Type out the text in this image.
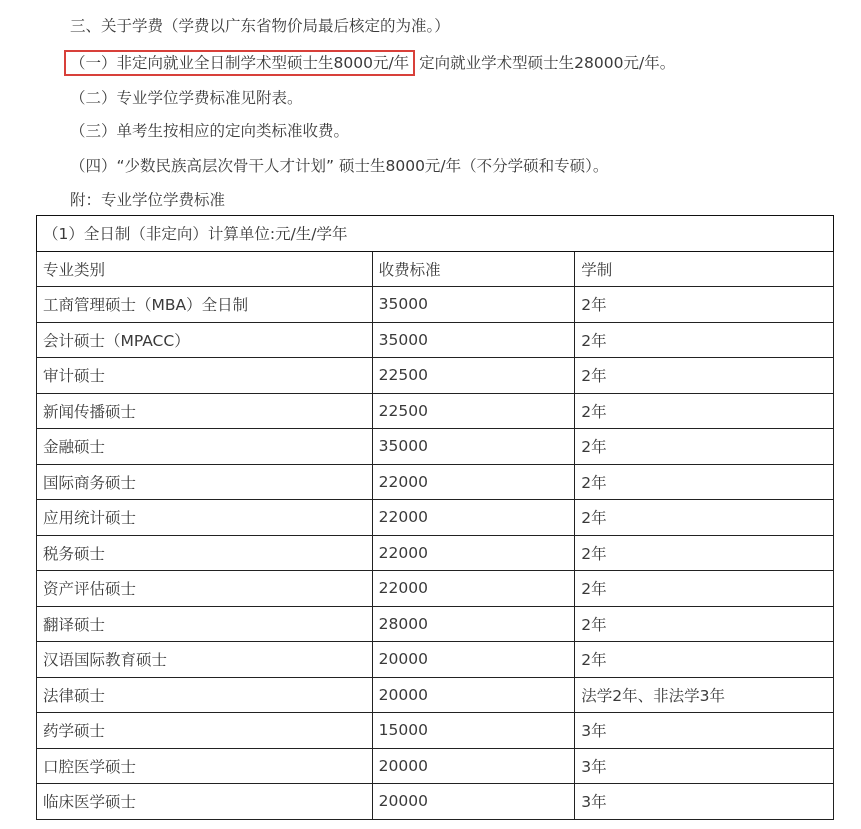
三、关于学费（学费以广东省物价局最后核定的为准。）
（一）非定向就业全日制学术型硕士生8000元/年 定向就业学术型硕士生28000元/年。
（二）专业学位学费标准见附表。
（三）单考生按相应的定向类标准收费。
（四）“少数民族高层次骨干人才计划” 硕士生8000元/年（不分学硕和专硕）。
附：专业学位学费标准
（1）全日制（非定向）计算单位:元/生/学年		
专业类别	收费标准	学制
工商管理硕士（MBA）全日制	35000	2年
会计硕士（MPACC）	35000	2年
审计硕士	22500	2年
新闻传播硕士	22500	2年
金融硕士	35000	2年
国际商务硕士	22000	2年
应用统计硕士	22000	2年
税务硕士	22000	2年
资产评估硕士	22000	2年
翻译硕士	28000	2年
汉语国际教育硕士	20000	2年
法律硕士	20000	法学2年、非法学3年
药学硕士	15000	3年
口腔医学硕士	20000	3年
临床医学硕士	20000	3年
